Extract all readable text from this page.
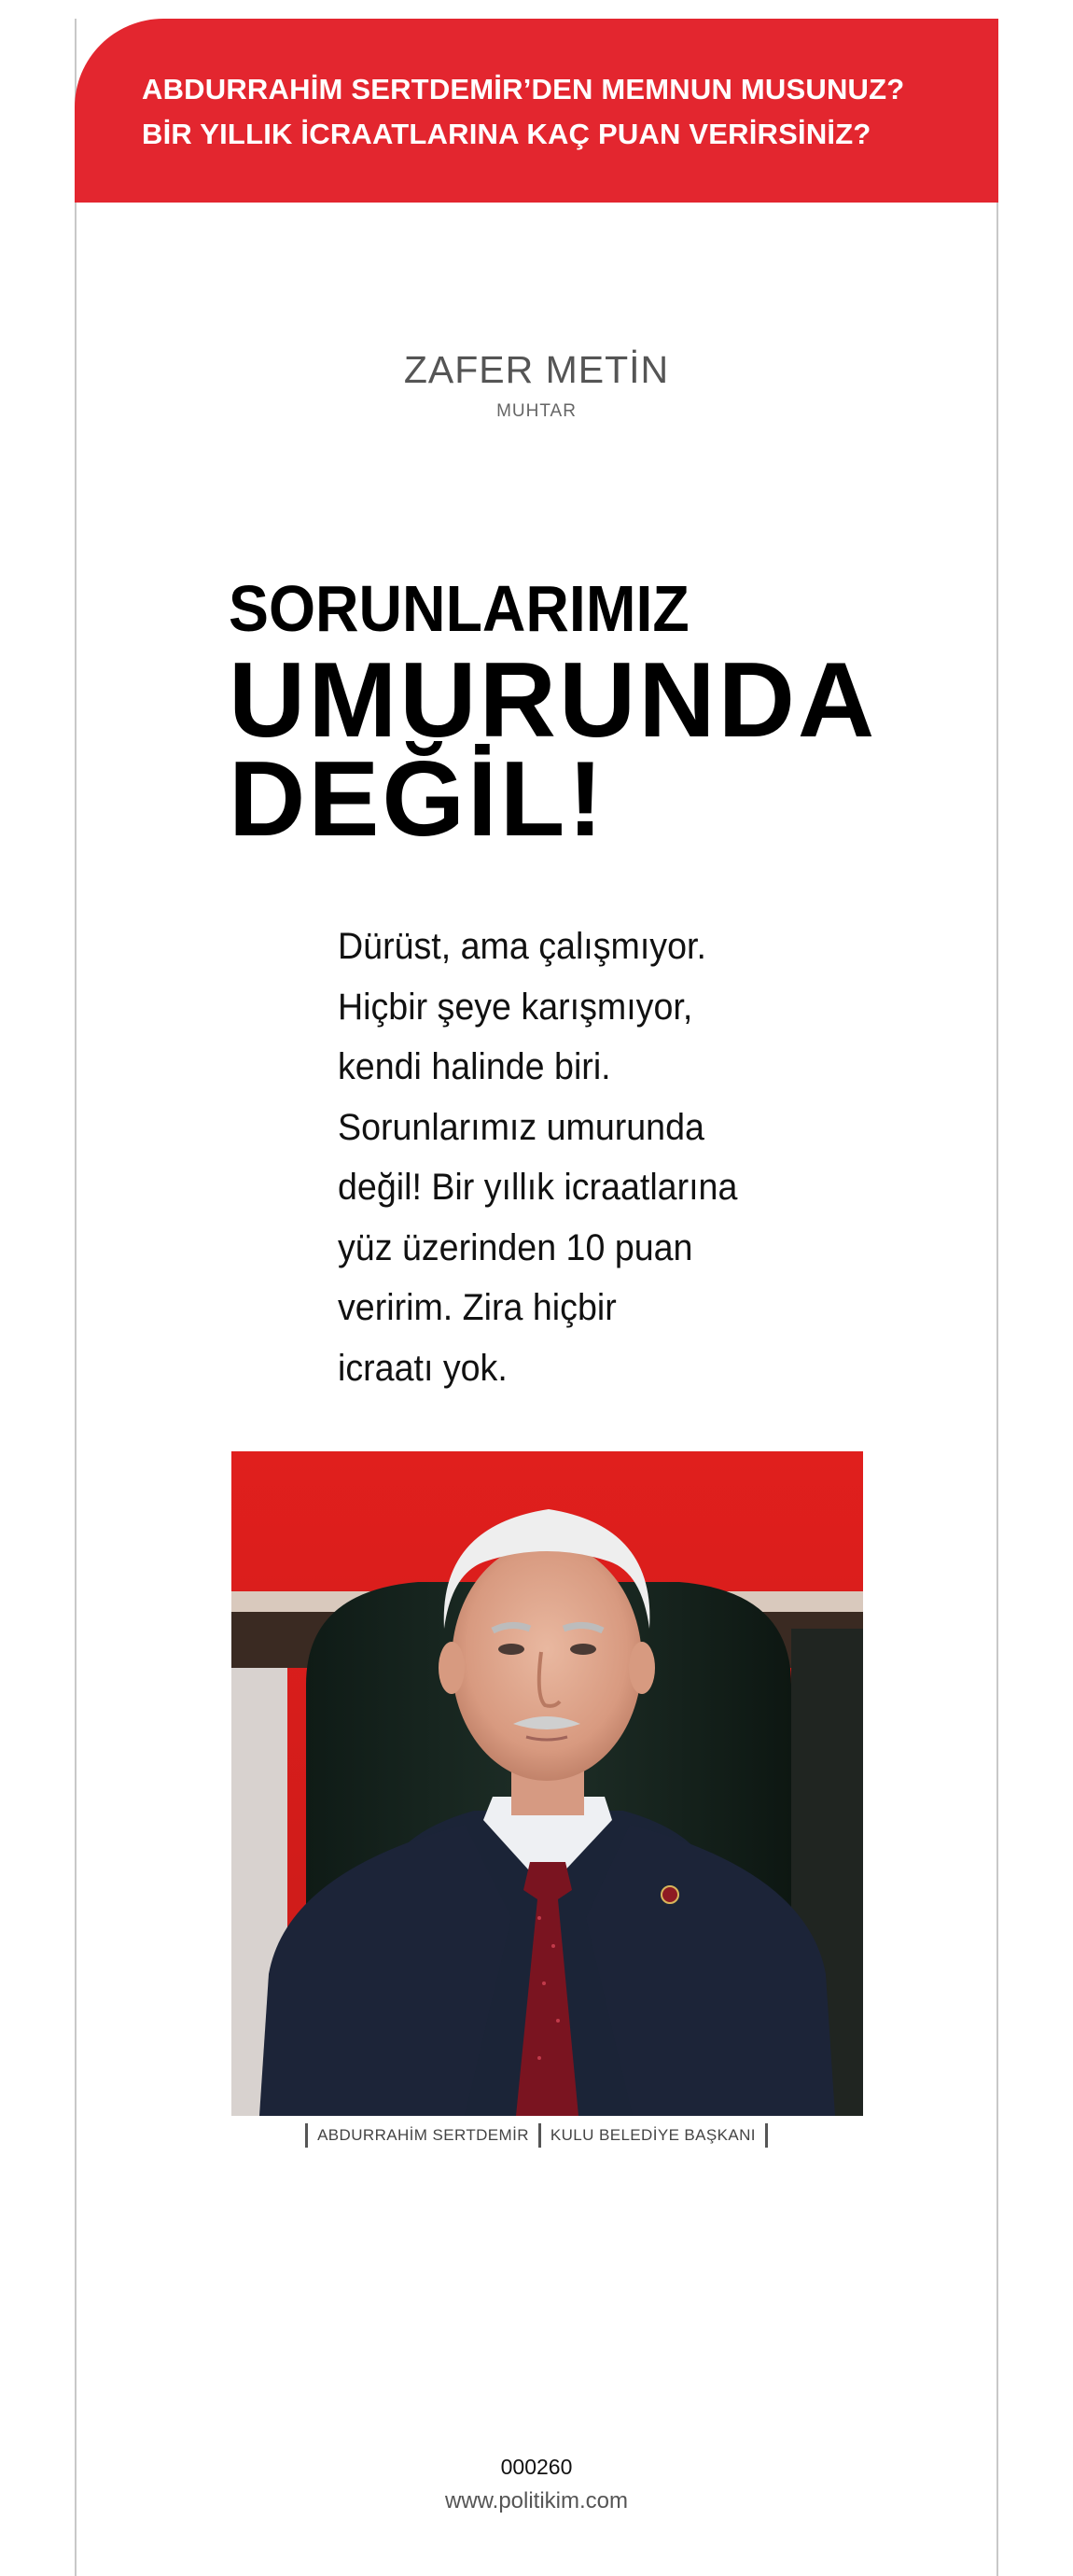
ABDURRAHİM SERTDEMİR’DEN MEMNUN MUSUNUZ?
BİR YILLIK İCRAATLARINA KAÇ PUAN VERİRSİNİZ?
ZAFER METİN
MUHTAR
SORUNLARIMIZ
UMURUNDA
DEĞİL!
Dürüst, ama çalışmıyor.
Hiçbir şeye karışmıyor,
kendi halinde biri.
Sorunlarımız umurunda
değil! Bir yıllık icraatlarına
yüz üzerinden 10 puan
veririm. Zira hiçbir
icraatı yok.
ABDURRAHİM SERTDEMİR KULU BELEDİYE BAŞKANI
000260
www.politikim.com
